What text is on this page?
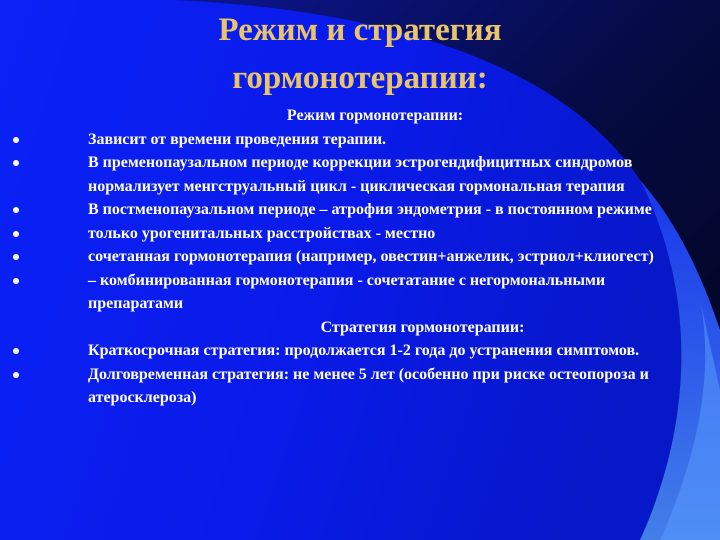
Режим и стратегия
гормонотерапии:
Режим гормонотерапии:
Зависит от времени проведения терапии.
В пременопаузальном периоде коррекции эстрогендифицитных синдромов нормализует менгструальный цикл - циклическая гормональная терапия
В постменопаузальном периоде – атрофия эндометрия - в постоянном режиме
только урогенитальных расстройствах - местно
сочетанная гормонотерапия (например, овестин+анжелик, эстриол+клиогест)
– комбинированная гормонотерапия - сочетатание с негормональными препаратами
Стратегия гормонотерапии:
Краткосрочная стратегия: продолжается 1-2 года до устранения симптомов.
Долговременная стратегия: не менее 5 лет (особенно при риске остеопороза и атеросклероза)
